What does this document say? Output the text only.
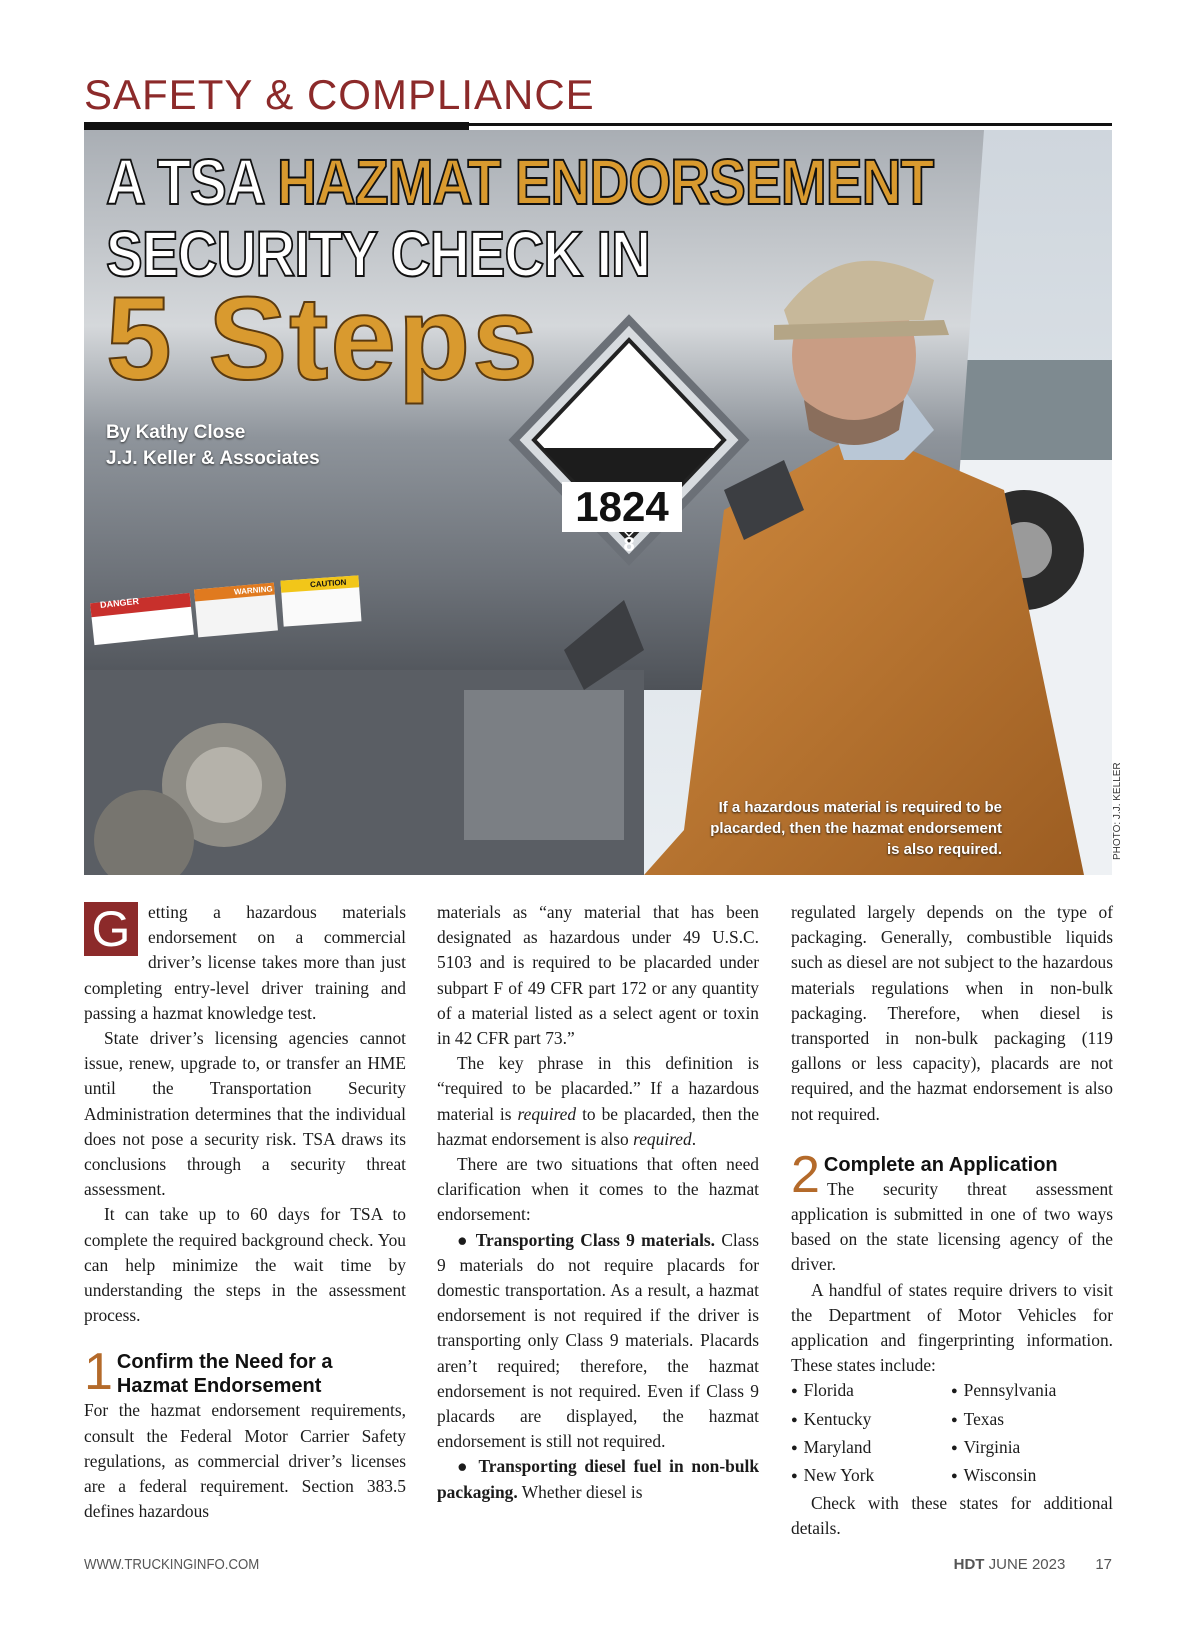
SAFETY & COMPLIANCE
A TSA HAZMAT ENDORSEMENT
SECURITY CHECK IN
5 Steps
By Kathy Close
J.J. Keller & Associates
If a hazardous material is required to be placarded, then the hazmat endorsement is also required.
1824
8
DANGER
WARNING
CAUTION
PHOTO: J.J. KELLER

G	etting a hazardous materials endorsement on a commercial driver’s license takes more than just completing entry-level driver training and passing a hazmat knowledge test.

State driver’s licensing agencies cannot issue, renew, upgrade to, or transfer an HME until the Transportation Security Administration determines that the individual does not pose a security risk. TSA draws its conclusions through a security threat assessment.

It can take up to 60 days for TSA to complete the required background check. You can help minimize the wait time by understanding the steps in the assessment process.

1 Confirm the Need for a Hazmat Endorsement

For the hazmat endorsement requirements, consult the Federal Motor Carrier Safety regulations, as commercial driver’s licenses are a federal requirement. Section 383.5 defines hazardous

materials as “any material that has been designated as hazardous under 49 U.S.C. 5103 and is required to be placarded under subpart F of 49 CFR part 172 or any quantity of a material listed as a select agent or toxin in 42 CFR part 73.”

The key phrase in this definition is “required to be placarded.” If a hazardous material is required to be placarded, then the hazmat endorsement is also required.

There are two situations that often need clarification when it comes to the hazmat endorsement:

● Transporting Class 9 materials. Class 9 materials do not require placards for domestic transportation. As a result, a hazmat endorsement is not required if the driver is transporting only Class 9 materials. Placards aren’t required; therefore, the hazmat endorsement is not required. Even if Class 9 placards are displayed, the hazmat endorsement is still not required.

● Transporting diesel fuel in non-bulk packaging. Whether diesel is

regulated largely depends on the type of packaging. Generally, combustible liquids such as diesel are not subject to the hazardous materials regulations when in non-bulk packaging. Therefore, when diesel is transported in non-bulk packaging (119 gallons or less capacity), placards are not required, and the hazmat endorsement is also not required.

2 Complete an Application

The security threat assessment application is submitted in one of two ways based on the state licensing agency of the driver.

A handful of states require drivers to visit the Department of Motor Vehicles for application and fingerprinting information. These states include:

● Florida	● Pennsylvania
● Kentucky	● Texas
● Maryland	● Virginia
● New York	● Wisconsin

Check with these states for additional details.

WWW.TRUCKINGINFO.COM	HDT JUNE 2023 17
